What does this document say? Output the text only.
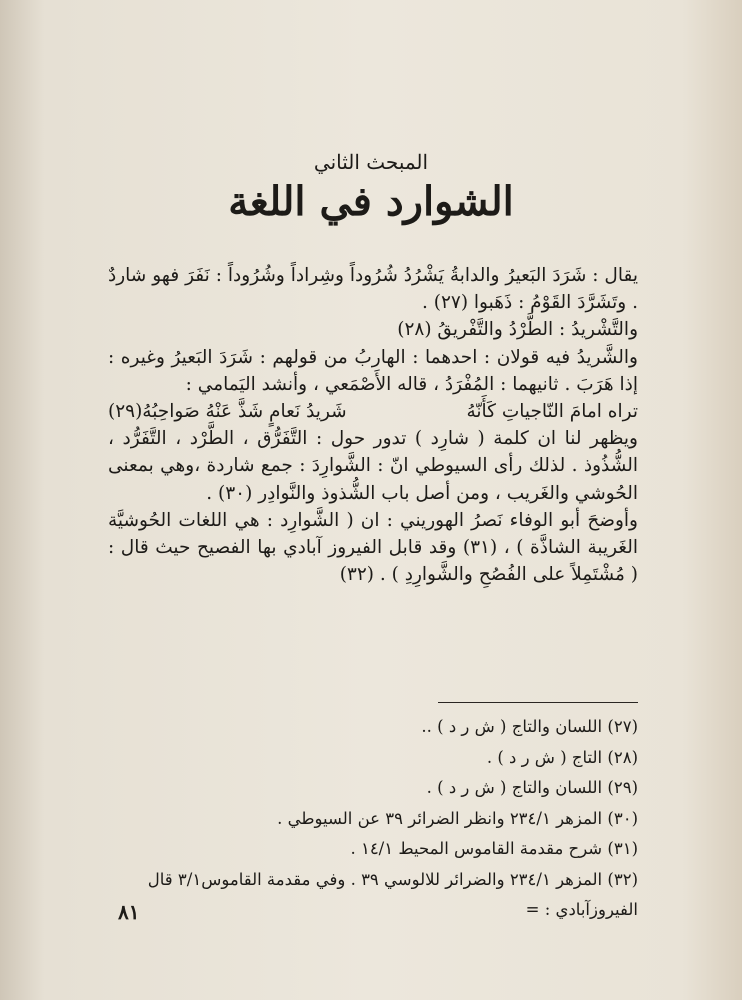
المبحث الثاني
الشوارد في اللغة

يقال : شَرَدَ البَعيرُ والدابةُ يَشْرُدُ شُرُوداً وشِراداً وشُرُوداً : نَفَرَ فهو شاردٌ . وتَشَرَّدَ القَوْمُ : ذَهَبوا (٢٧) .

والتَّشْريدُ : الطَّرْدُ والتَّفْريقُ (٢٨)

والشَّريدُ فيه قولان : احدهما : الهاربُ من قولهم : شَرَدَ البَعيرُ وغيره : إذا هَرَبَ . ثانيهما : المُفْرَدُ ، قاله الأَصْمَعي ، وأنشد اليَمامي :

تراه امامَ النّاجياتِ كَأَنّهُ
شَريدُ نَعامٍ شَذَّ عَنْهُ صَواحِبُهُ(٢٩)

ويظهر لنا ان كلمة ( شارِد ) تدور حول : التَّفَرُّق ، الطَّرْد ، التَّفَرُّد ، الشُّذُوذ . لذلك رأى السيوطي انّ : الشَّوارِدَ : جمع شاردة ،وهي بمعنى الحُوشي والغَريب ، ومن أصل باب الشُّذوذ والنَّوادِر (٣٠) .

وأوضحَ أبو الوفاء نَصرُ الهوريني : ان ( الشَّوارِد : هي اللغات الحُوشيَّة الغَريبة الشاذَّة ) ، (٣١) وقد قابل الفيروز آبادي بها الفصيح حيث قال : ( مُشْتَمِلاً على الفُصُحِ والشَّوارِدِ ) . (٣٢)

(٢٧) اللسان والتاج ( ش ر د ) ..
(٢٨) التاج ( ش ر د ) .
(٢٩) اللسان والتاج ( ش ر د ) .
(٣٠) المزهر ٢٣٤/١ وانظر الضرائر ٣٩ عن السيوطي .
(٣١) شرح مقدمة القاموس المحيط ١٤/١ .
(٣٢) المزهر ٢٣٤/١ والضرائر للالوسي ٣٩ . وفي مقدمة القاموس٣/١ قال الفيروزآبادي : =
٨١
